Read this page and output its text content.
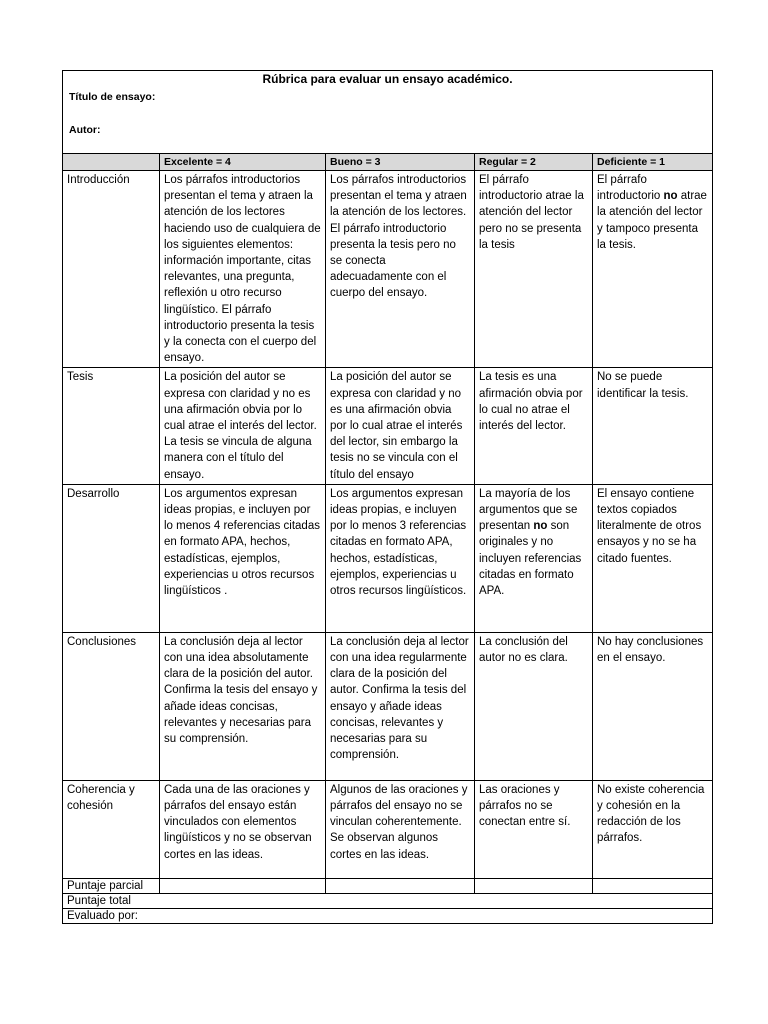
Rúbrica para evaluar un ensayo académico.

Título de ensayo:
Autor:				

	Excelente = 4	Bueno = 3	Regular = 2	Deficiente = 1
Introducción	Los párrafos introductorios presentan el tema y atraen la atención de los lectores haciendo uso de cualquiera de los siguientes elementos: información importante, citas relevantes, una pregunta, reflexión u otro recurso lingüístico. El párrafo introductorio presenta la tesis y la conecta con el cuerpo del ensayo.	Los párrafos introductorios presentan el tema y atraen la atención de los lectores. El párrafo introductorio presenta la tesis pero no se conecta adecuadamente con el cuerpo del ensayo.	El párrafo introductorio atrae la atención del lector pero no se presenta la tesis	El párrafo introductorio no atrae la atención del lector y tampoco presenta la tesis.
Tesis	La posición del autor se expresa con claridad y no es una afirmación obvia por lo cual atrae el interés del lector. La tesis se vincula de alguna manera con el título del ensayo.	La posición del autor se expresa con claridad y no es una afirmación obvia por lo cual atrae el interés del lector, sin embargo la tesis no se vincula con el título del ensayo	La tesis es una afirmación obvia por lo cual no atrae el interés del lector.	No se puede identificar la tesis.
Desarrollo	Los argumentos expresan ideas propias, e incluyen por lo menos 4 referencias citadas en formato APA, hechos, estadísticas, ejemplos, experiencias u otros recursos lingüísticos .	Los argumentos expresan ideas propias, e incluyen por lo menos 3 referencias citadas en formato APA, hechos, estadísticas, ejemplos, experiencias u otros recursos lingüísticos.	La mayoría de los argumentos que se presentan no son originales y no incluyen referencias citadas en formato APA.	El ensayo contiene textos copiados literalmente de otros ensayos y no se ha citado fuentes.
Conclusiones	La conclusión deja al lector con una idea absolutamente clara de la posición del autor. Confirma la tesis del ensayo y añade ideas concisas, relevantes y necesarias para su comprensión.	La conclusión deja al lector con una idea regularmente clara de la posición del autor. Confirma la tesis del ensayo y añade ideas concisas, relevantes y necesarias para su comprensión.	La conclusión del autor no es clara.	No hay conclusiones en el ensayo.
Coherencia y cohesión	Cada una de las oraciones y párrafos del ensayo están vinculados con elementos lingüísticos y no se observan cortes en las ideas.	Algunos de las oraciones y párrafos del ensayo no se vinculan coherentemente. Se observan algunos cortes en las ideas.	Las oraciones y párrafos no se conectan entre sí.	No existe coherencia y cohesión en la redacción de los párrafos.
Puntaje parcial				
Puntaje total				
Evaluado por:				
